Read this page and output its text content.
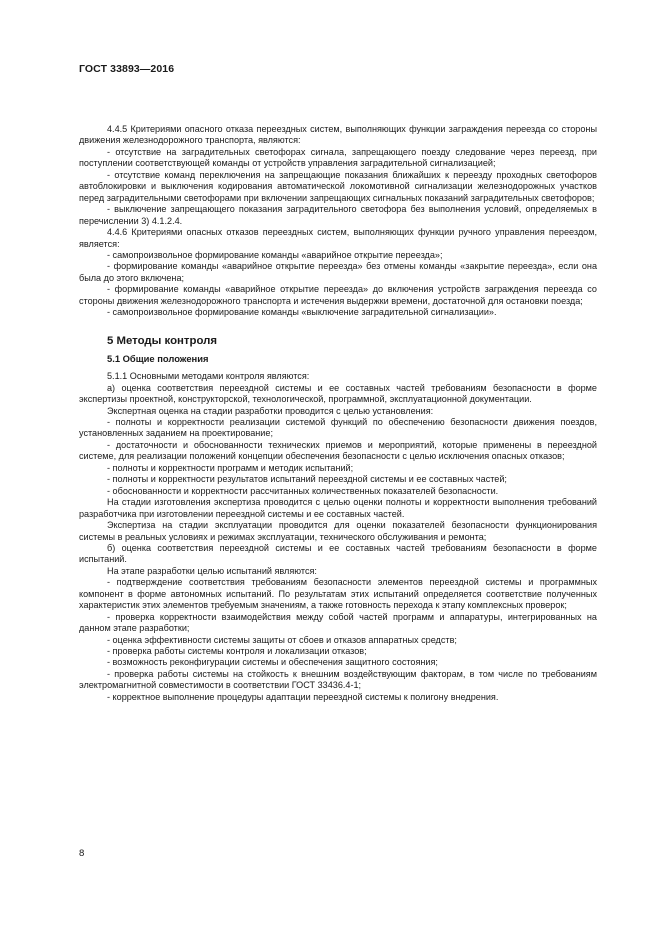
ГОСТ 33893—2016

4.4.5 Критериями опасного отказа переездных систем, выполняющих функции заграждения переезда со стороны движения железнодорожного транспорта, являются:

- отсутствие на заградительных светофорах сигнала, запрещающего поезду следование через переезд, при поступлении соответствующей команды от устройств управления заградительной сигнализацией;

- отсутствие команд переключения на запрещающие показания ближайших к переезду проходных светофоров автоблокировки и выключения кодирования автоматической локомотивной сигнализации железнодорожных участков перед заградительными светофорами при включении запрещающих сигнальных показаний заградительных светофоров;

- выключение запрещающего показания заградительного светофора без выполнения условий, определяемых в перечислении 3) 4.1.2.4.

4.4.6 Критериями опасных отказов переездных систем, выполняющих функции ручного управления переездом, является:

- самопроизвольное формирование команды «аварийное открытие переезда»;

- формирование команды «аварийное открытие переезда» без отмены команды «закрытие переезда», если она была до этого включена;

- формирование команды «аварийное открытие переезда» до включения устройств заграждения переезда со стороны движения железнодорожного транспорта и истечения выдержки времени, достаточной для остановки поезда;

- самопроизвольное формирование команды «выключение заградительной сигнализации».

5 Методы контроля
5.1 Общие положения

5.1.1 Основными методами контроля являются:

а) оценка соответствия переездной системы и ее составных частей требованиям безопасности в форме экспертизы проектной, конструкторской, технологической, программной, эксплуатационной документации.

Экспертная оценка на стадии разработки проводится с целью установления:

- полноты и корректности реализации системой функций по обеспечению безопасности движения поездов, установленных заданием на проектирование;

- достаточности и обоснованности технических приемов и мероприятий, которые применены в переездной системе, для реализации положений концепции обеспечения безопасности с целью исключения опасных отказов;

- полноты и корректности программ и методик испытаний;

- полноты и корректности результатов испытаний переездной системы и ее составных частей;

- обоснованности и корректности рассчитанных количественных показателей безопасности.

На стадии изготовления экспертиза проводится с целью оценки полноты и корректности выполнения требований разработчика при изготовлении переездной системы и ее составных частей.

Экспертиза на стадии эксплуатации проводится для оценки показателей безопасности функционирования системы в реальных условиях и режимах эксплуатации, технического обслуживания и ремонта;

б) оценка соответствия переездной системы и ее составных частей требованиям безопасности в форме испытаний.

На этапе разработки целью испытаний являются:

- подтверждение соответствия требованиям безопасности элементов переездной системы и программных компонент в форме автономных испытаний. По результатам этих испытаний определяется соответствие полученных характеристик этих элементов требуемым значениям, а также готовность перехода к этапу комплексных проверок;

- проверка корректности взаимодействия между собой частей программ и аппаратуры, интегрированных на данном этапе разработки;

- оценка эффективности системы защиты от сбоев и отказов аппаратных средств;

- проверка работы системы контроля и локализации отказов;

- возможность реконфигурации системы и обеспечения защитного состояния;

- проверка работы системы на стойкость к внешним воздействующим факторам, в том числе по требованиям электромагнитной совместимости в соответствии ГОСТ 33436.4-1;

- корректное выполнение процедуры адаптации переездной системы к полигону внедрения.

8
